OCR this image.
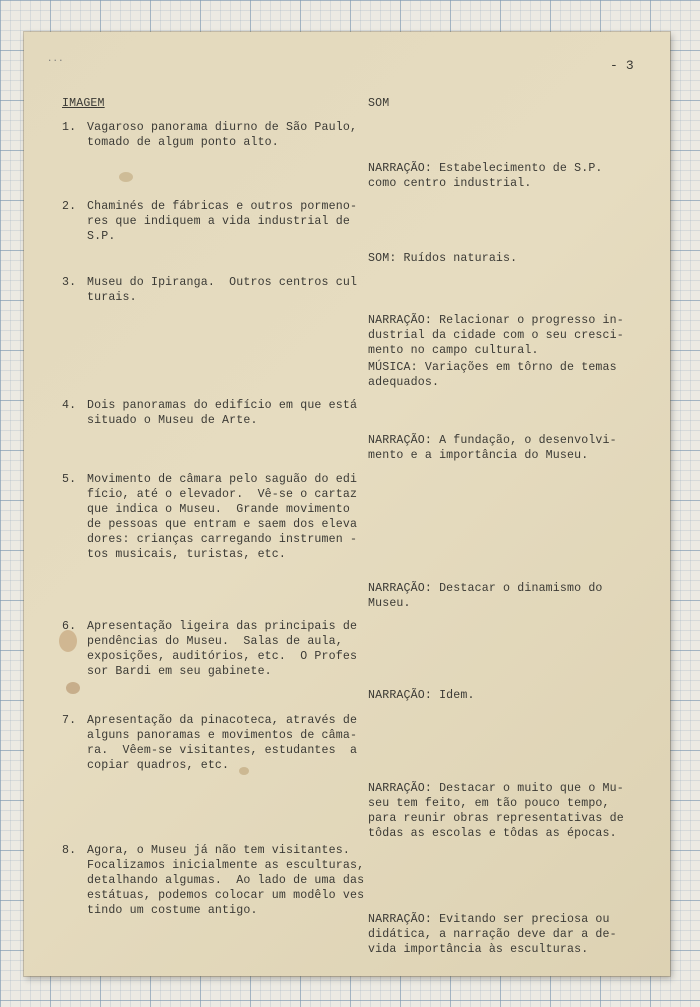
...	- 3
IMAGEM	SOM
1. Vagaroso panorama diurno de São Paulo,
tomado de algum ponto alto.
2. Chaminés de fábricas e outros pormeno-
res que indiquem a vida industrial de
S.P.
3. Museu do Ipiranga.  Outros centros cul
turais.
4. Dois panoramas do edifício em que está
situado o Museu de Arte.
5. Movimento de câmara pelo saguão do edi
fício, até o elevador.  Vê-se o cartaz
que indica o Museu.  Grande movimento
de pessoas que entram e saem dos eleva
dores: crianças carregando instrumen -
tos musicais, turistas, etc.
6. Apresentação ligeira das principais de
pendências do Museu.  Salas de aula,
exposições, auditórios, etc.  O Profes
sor Bardi em seu gabinete.
7. Apresentação da pinacoteca, através de
alguns panoramas e movimentos de câma-
ra.  Vêem-se visitantes, estudantes  a
copiar quadros, etc.
8. Agora, o Museu já não tem visitantes.
Focalizamos inicialmente as esculturas,
detalhando algumas.  Ao lado de uma das
estátuas, podemos colocar um modêlo ves
tindo um costume antigo.
NARRAÇÃO: Estabelecimento de S.P.
como centro industrial.
SOM: Ruídos naturais.
NARRAÇÃO: Relacionar o progresso in-
dustrial da cidade com o seu cresci-
mento no campo cultural.
MÚSICA: Variações em tôrno de temas
adequados.
NARRAÇÃO: A fundação, o desenvolvi-
mento e a importância do Museu.
NARRAÇÃO: Destacar o dinamismo do
Museu.
NARRAÇÃO: Idem.
NARRAÇÃO: Destacar o muito que o Mu-
seu tem feito, em tão pouco tempo,
para reunir obras representativas de
tôdas as escolas e tôdas as épocas.
NARRAÇÃO: Evitando ser preciosa ou
didática, a narração deve dar a de-
vida importância às esculturas.
